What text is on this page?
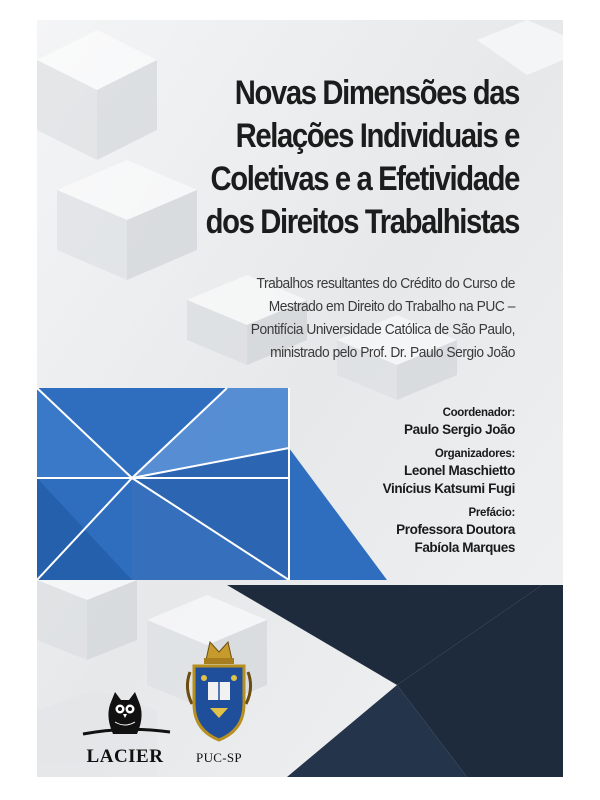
Novas Dimensões das
Relações Individuais e
Coletivas e a Efetividade
dos Direitos Trabalhistas
Trabalhos resultantes do Crédito do Curso de
Mestrado em Direito do Trabalho na PUC –
Pontifícia Universidade Católica de São Paulo,
ministrado pelo Prof. Dr. Paulo Sergio João
Coordenador:
Paulo Sergio João
Organizadores:
Leonel Maschietto
Vinícius Katsumi Fugi
Prefácio:
Professora Doutora
Fabíola Marques
LACIER	PUC-SP
